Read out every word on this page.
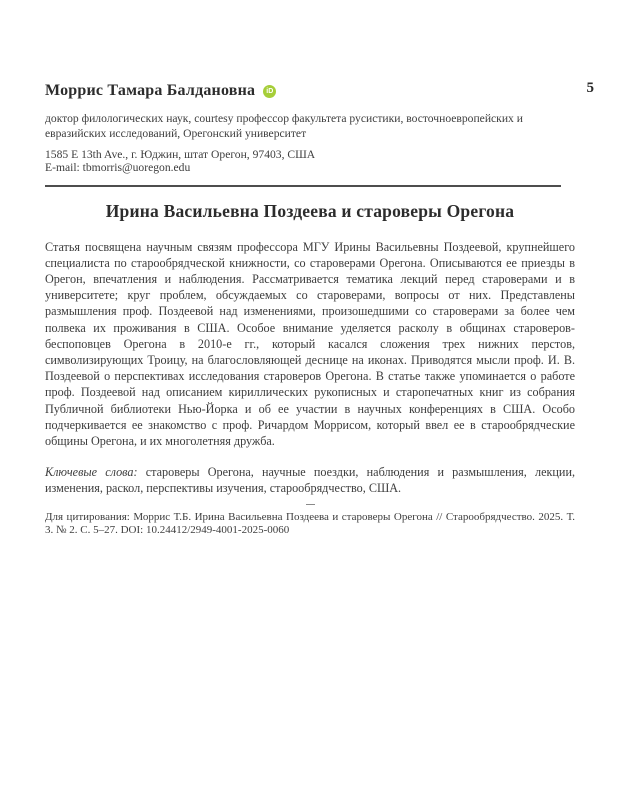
5
Моррис Тамара Балдановна	iD
доктор филологических наук, courtesy профессор факультета русистики, восточноевропейских и евразийских исследований, Орегонский университет
1585 E 13th Ave., г. Юджин, штат Орегон, 97403, США
E-mail: tbmorris@uoregon.edu
Ирина Васильевна Поздеева и староверы Орегона

Статья посвящена научным связям профессора МГУ Ирины Васильевны Поздеевой, крупнейшего специалиста по старообрядческой книжности, со староверами Орегона. Описываются ее приезды в Орегон, впечатления и наблюдения. Рассматривается тематика лекций перед староверами и в университете; круг проблем, обсуждаемых со староверами, вопросы от них. Представлены размышления проф. Поздеевой над изменениями, произошедшими со староверами за более чем полвека их проживания в США. Особое внимание уделяется расколу в общинах староверов-беспоповцев Орегона в 2010-е гг., который касался сложения трех нижних перстов, символизирующих Троицу, на благословляющей деснице на иконах. Приводятся мысли проф. И. В. Поздеевой о перспективах исследования староверов Орегона. В статье также упоминается о работе проф. Поздеевой над описанием кириллических рукописных и старопечатных книг из собрания Публичной библиотеки Нью-Йорка и об ее участии в научных конференциях в США. Особо подчеркивается ее знакомство с проф. Ричардом Моррисом, который ввел ее в старообрядческие общины Орегона, и их многолетняя дружба.

Ключевые слова: староверы Орегона, научные поездки, наблюдения и размышления, лекции, изменения, раскол, перспективы изучения, старообрядчество, США.

Для цитирования: Моррис Т.Б. Ирина Васильевна Поздеева и староверы Орегона // Старообрядчество. 2025. Т. 3. № 2. С. 5–27. DOI: 10.24412/2949-4001-2025-0060
